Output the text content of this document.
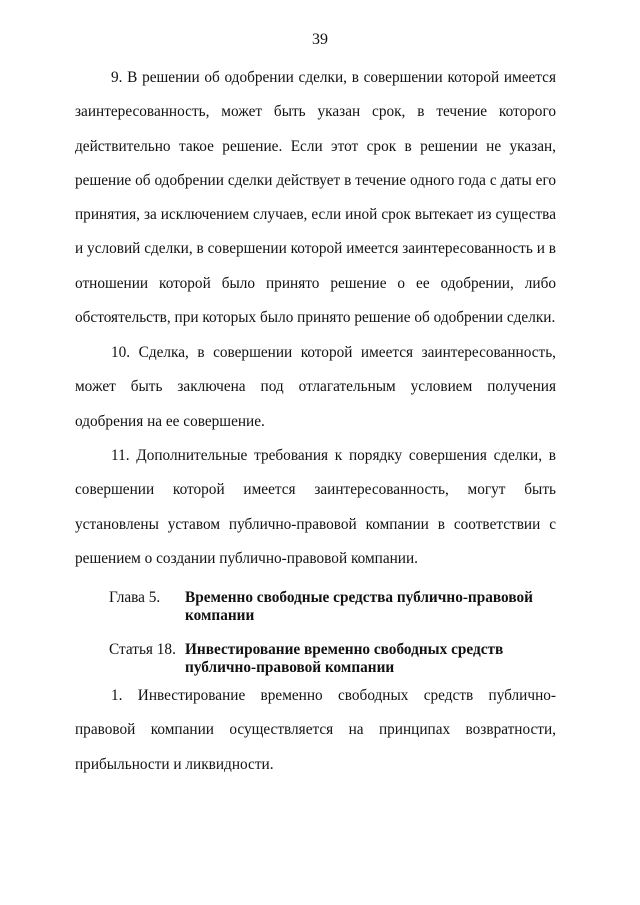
39

9. В решении об одобрении сделки, в совершении которой имеется заинтересованность, может быть указан срок, в течение которого действительно такое решение. Если этот срок в решении не указан, решение об одобрении сделки действует в течение одного года с даты его принятия, за исключением случаев, если иной срок вытекает из существа и условий сделки, в совершении которой имеется заинтересованность и в отношении которой было принято решение о ее одобрении, либо обстоятельств, при которых было принято решение об одобрении сделки.

10. Сделка, в совершении которой имеется заинтересованность, может быть заключена под отлагательным условием получения одобрения на ее совершение.

11. Дополнительные требования к порядку совершения сделки, в совершении которой имеется заинтересованность, могут быть установлены уставом публично-правовой компании в соответствии с решением о создании публично-правовой компании.

Глава 5.	Временно свободные средства публично-правовой компании
Статья 18. Инвестирование временно свободных средств публично-правовой компании

1. Инвестирование временно свободных средств публично-правовой компании осуществляется на принципах возвратности, прибыльности и ликвидности.
